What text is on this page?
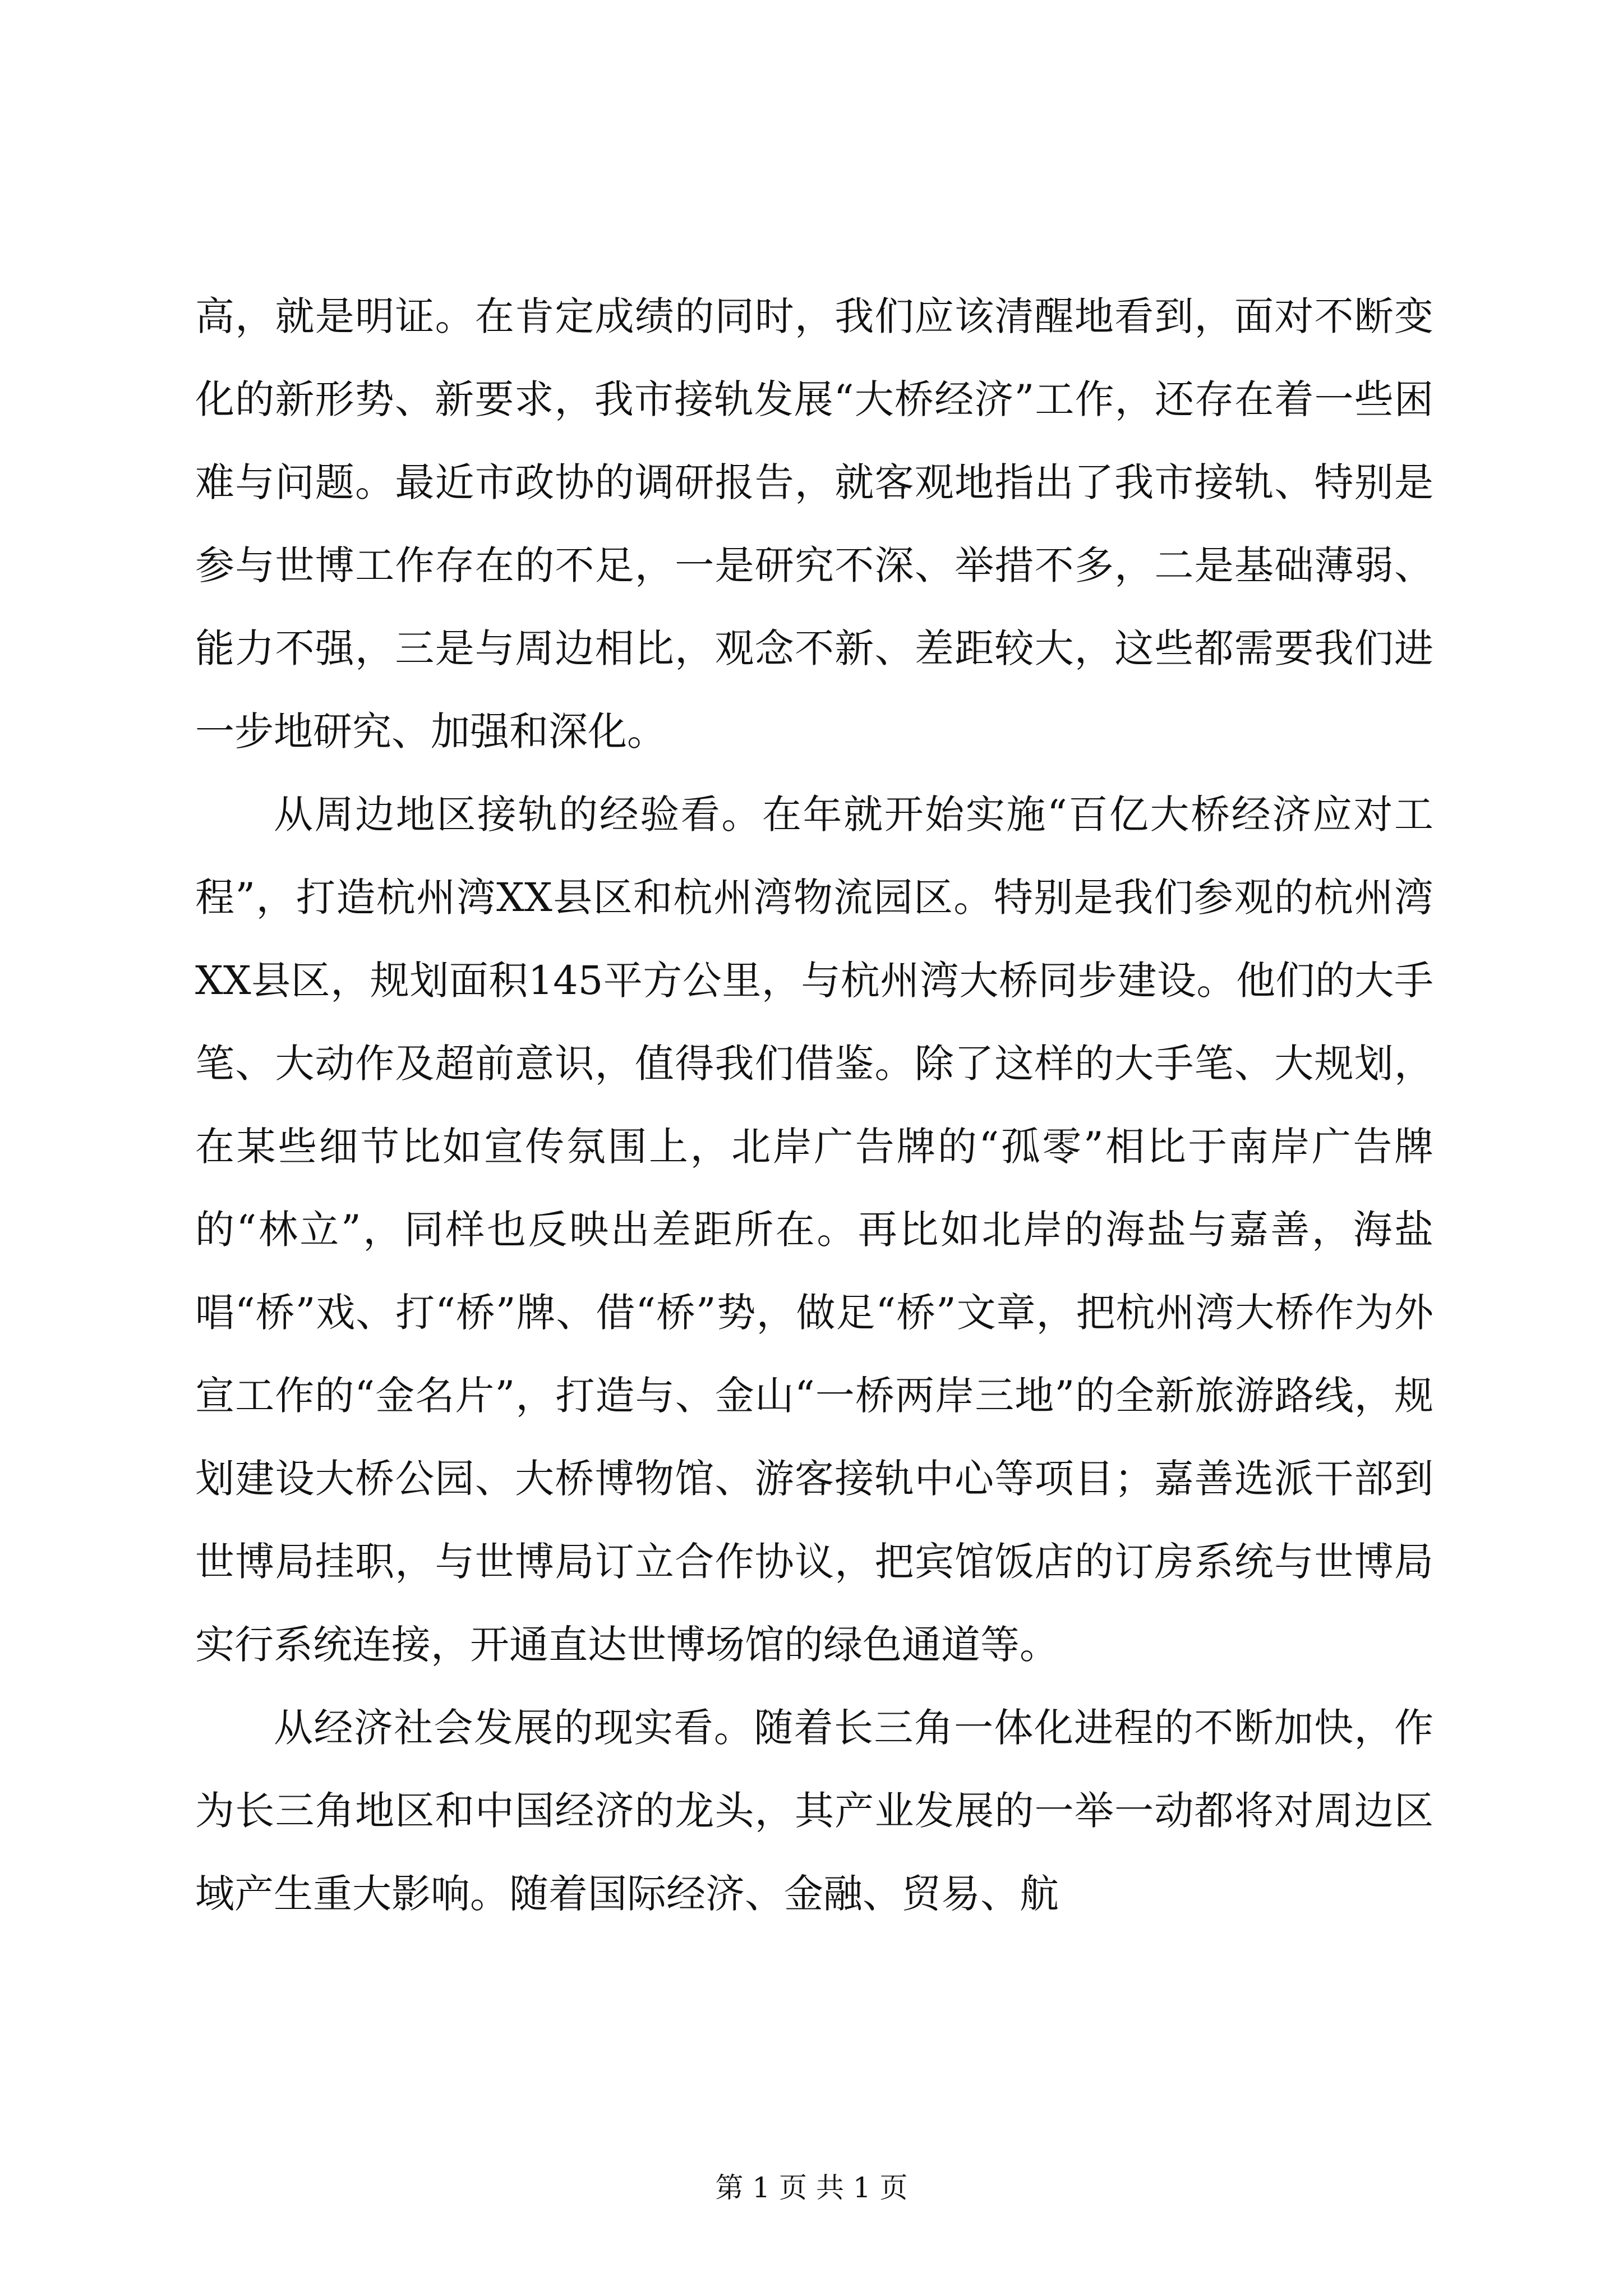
高，就是明证。在肯定成绩的同时，我们应该清醒地看到，面对不断变化的新形势、新要求，我市接轨发展“大桥经济”工作，还存在着一些困难与问题。最近市政协的调研报告，就客观地指出了我市接轨、特别是参与世博工作存在的不足，一是研究不深、举措不多，二是基础薄弱、能力不强，三是与周边相比，观念不新、差距较大，这些都需要我们进一步地研究、加强和深化。

从周边地区接轨的经验看。在年就开始实施“百亿大桥经济应对工程”，打造杭州湾XX县区和杭州湾物流园区。特别是我们参观的杭州湾XX县区，规划面积145平方公里，与杭州湾大桥同步建设。他们的大手笔、大动作及超前意识，值得我们借鉴。除了这样的大手笔、大规划，在某些细节比如宣传氛围上，北岸广告牌的“孤零”相比于南岸广告牌的“林立”，同样也反映出差距所在。再比如北岸的海盐与嘉善，海盐唱“桥”戏、打“桥”牌、借“桥”势，做足“桥”文章，把杭州湾大桥作为外宣工作的“金名片”，打造与、金山“一桥两岸三地”的全新旅游路线，规划建设大桥公园、大桥博物馆、游客接轨中心等项目；嘉善选派干部到世博局挂职，与世博局订立合作协议，把宾馆饭店的订房系统与世博局实行系统连接，开通直达世博场馆的绿色通道等。

从经济社会发展的现实看。随着长三角一体化进程的不断加快，作为长三角地区和中国经济的龙头，其产业发展的一举一动都将对周边区域产生重大影响。随着国际经济、金融、贸易、航

第 1 页 共 1 页
